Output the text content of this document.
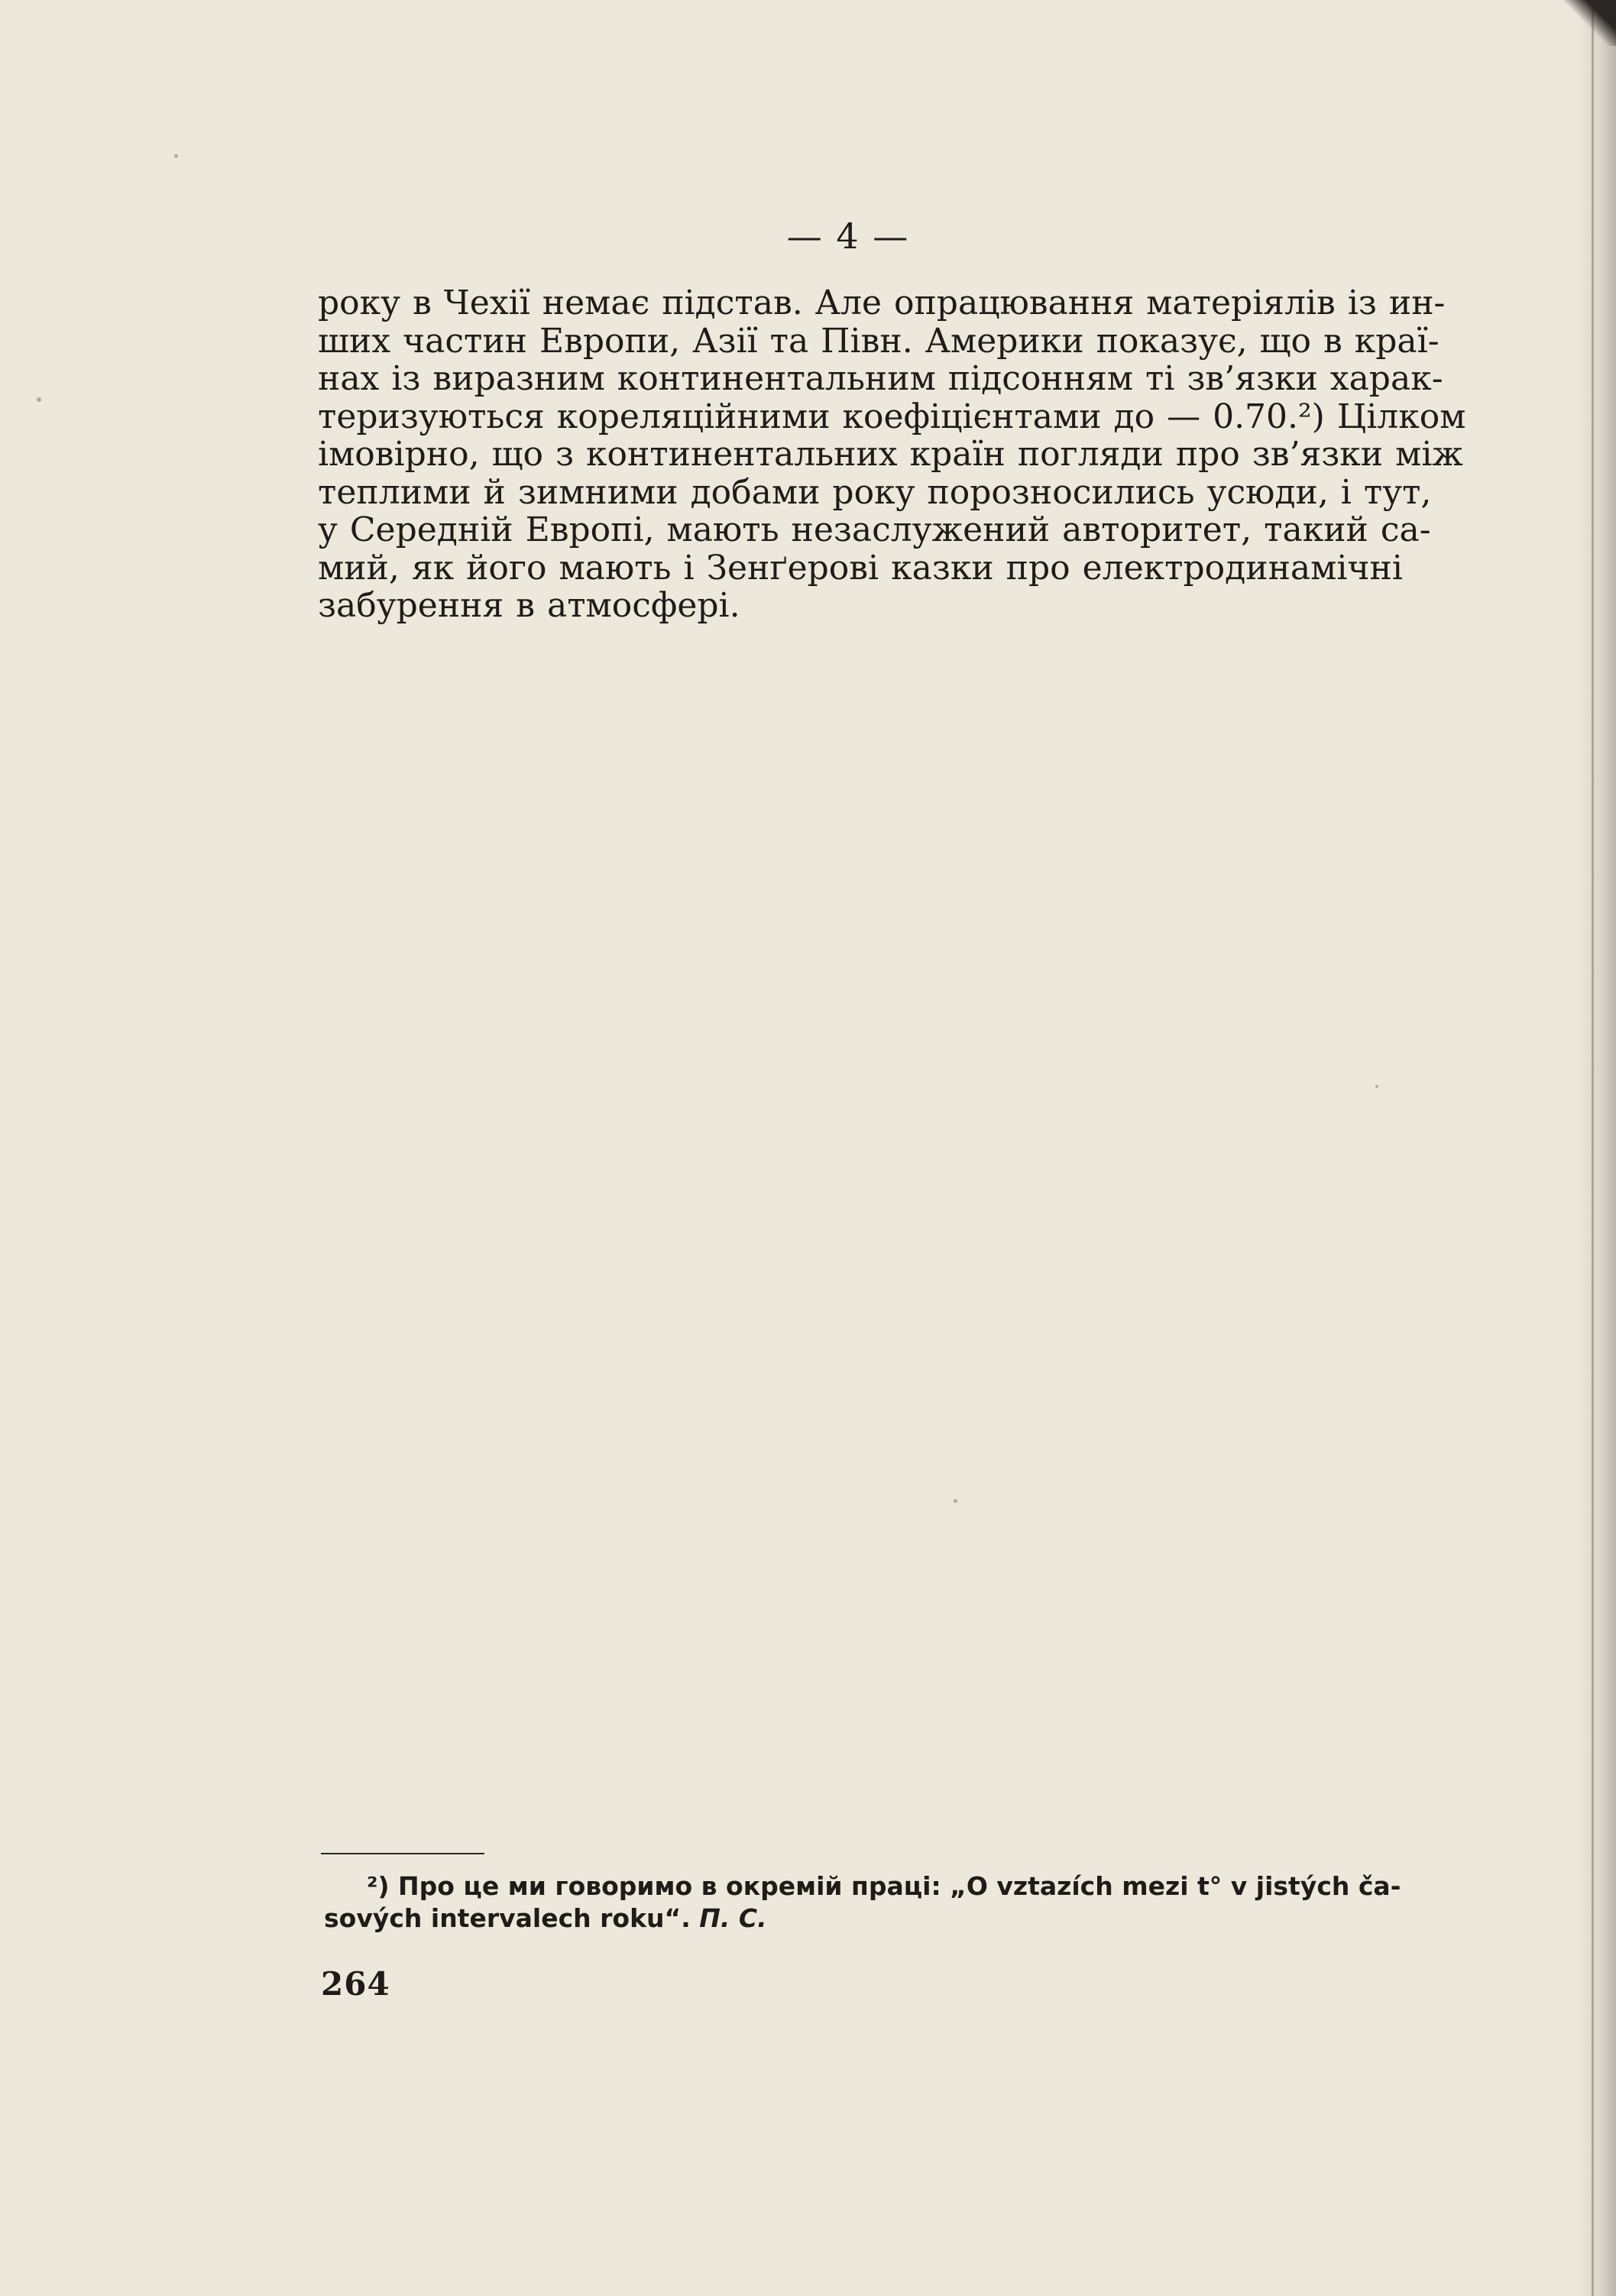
— 4 —
року в Чехії немає підстав. Але опрацювання матеріялів із ин-
ших частин Европи, Азії та Півн. Америки показує, що в краї-
нах із виразним континентальним підсонням ті зв’язки харак-
теризуються кореляційними коефіцієнтами до — 0.70.²) Цілком
імовірно, що з континентальних країн погляди про зв’язки між
теплими й зимними добами року порозносились усюди, і тут,
у Середній Европі, мають незаслужений авторитет, такий са-
мий, як його мають і Зенґерові казки про електродинамічні
забурення в атмосфері.
²) Про це ми говоримо в окремій праці: „O vztazích mezi t° v jistých ča-
sových intervalech roku“. П. С.
264
